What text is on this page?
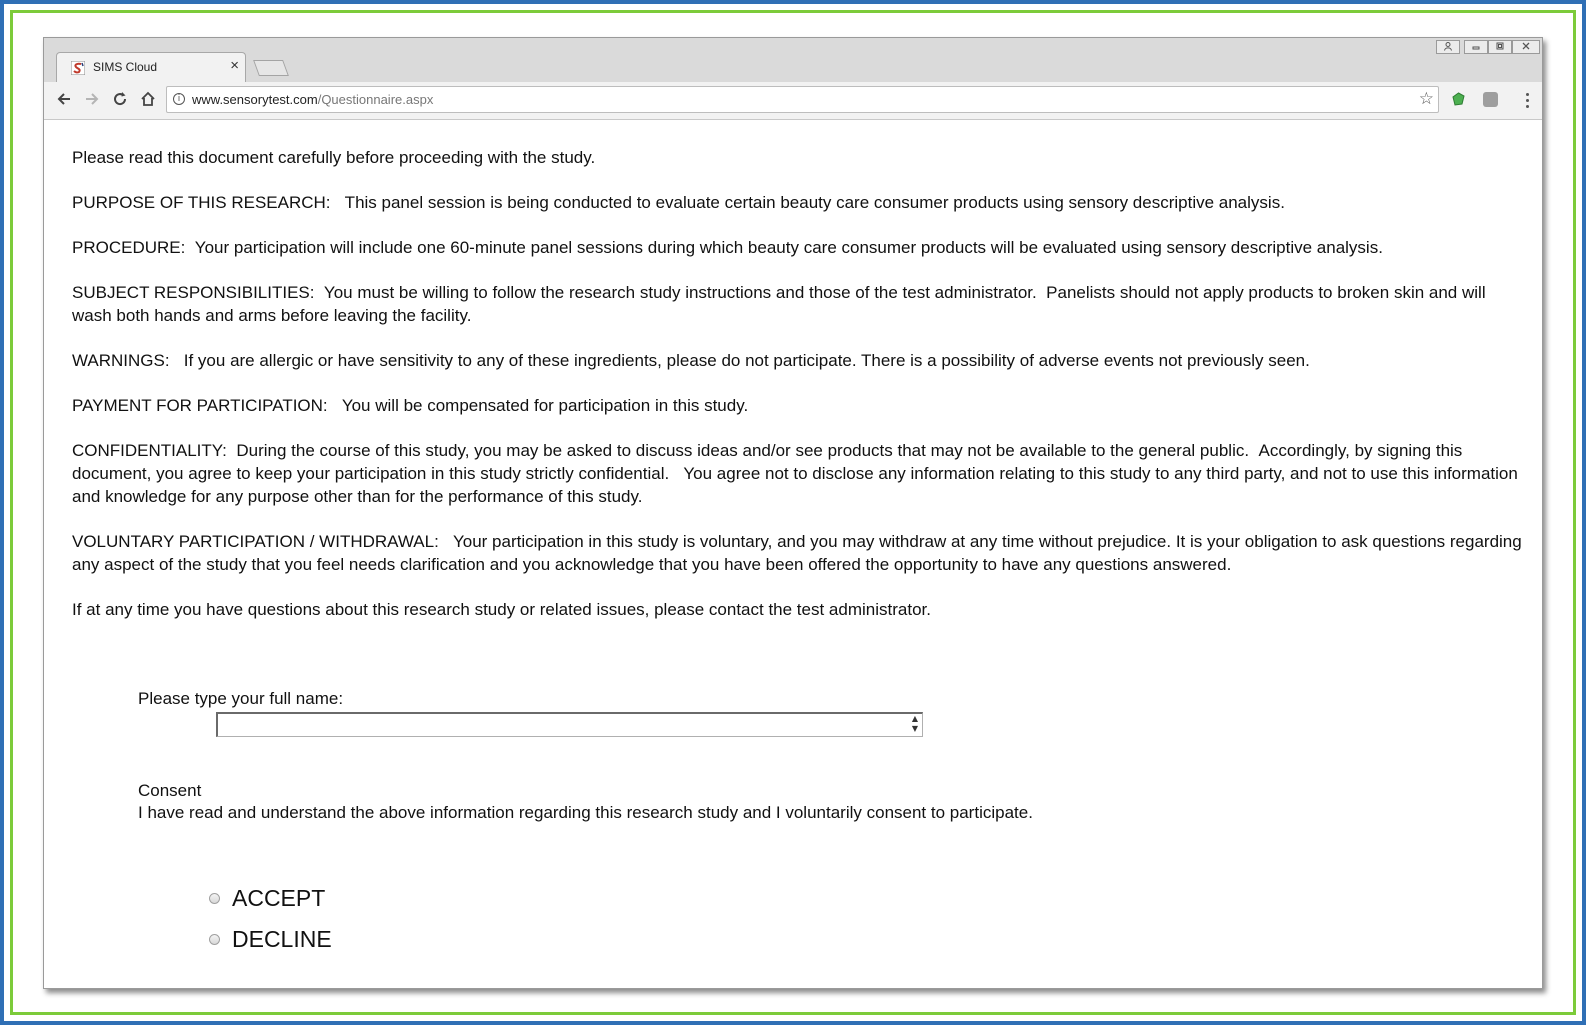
SIMS Cloud	×
i www.sensorytest.com/Questionnaire.aspx	☆

Please read this document carefully before proceeding with the study.

PURPOSE OF THIS RESEARCH:   This panel session is being conducted to evaluate certain beauty care consumer products using sensory descriptive analysis.

PROCEDURE:  Your participation will include one 60-minute panel sessions during which beauty care consumer products will be evaluated using sensory descriptive analysis.

SUBJECT RESPONSIBILITIES:  You must be willing to follow the research study instructions and those of the test administrator.  Panelists should not apply products to broken skin and will wash both hands and arms before leaving the facility.

WARNINGS:   If you are allergic or have sensitivity to any of these ingredients, please do not participate. There is a possibility of adverse events not previously seen.

PAYMENT FOR PARTICIPATION:   You will be compensated for participation in this study.

CONFIDENTIALITY:  During the course of this study, you may be asked to discuss ideas and/or see products that may not be available to the general public.  Accordingly, by signing this document, you agree to keep your participation in this study strictly confidential.   You agree not to disclose any information relating to this study to any third party, and not to use this information and knowledge for any purpose other than for the performance of this study.

VOLUNTARY PARTICIPATION / WITHDRAWAL:   Your participation in this study is voluntary, and you may withdraw at any time without prejudice. It is your obligation to ask questions regarding any aspect of the study that you feel needs clarification and you acknowledge that you have been offered the opportunity to have any questions answered.

If at any time you have questions about this research study or related issues, please contact the test administrator.

Please type your full name:
▲
▼
Consent
I have read and understand the above information regarding this research study and I voluntarily consent to participate.
ACCEPT
DECLINE
